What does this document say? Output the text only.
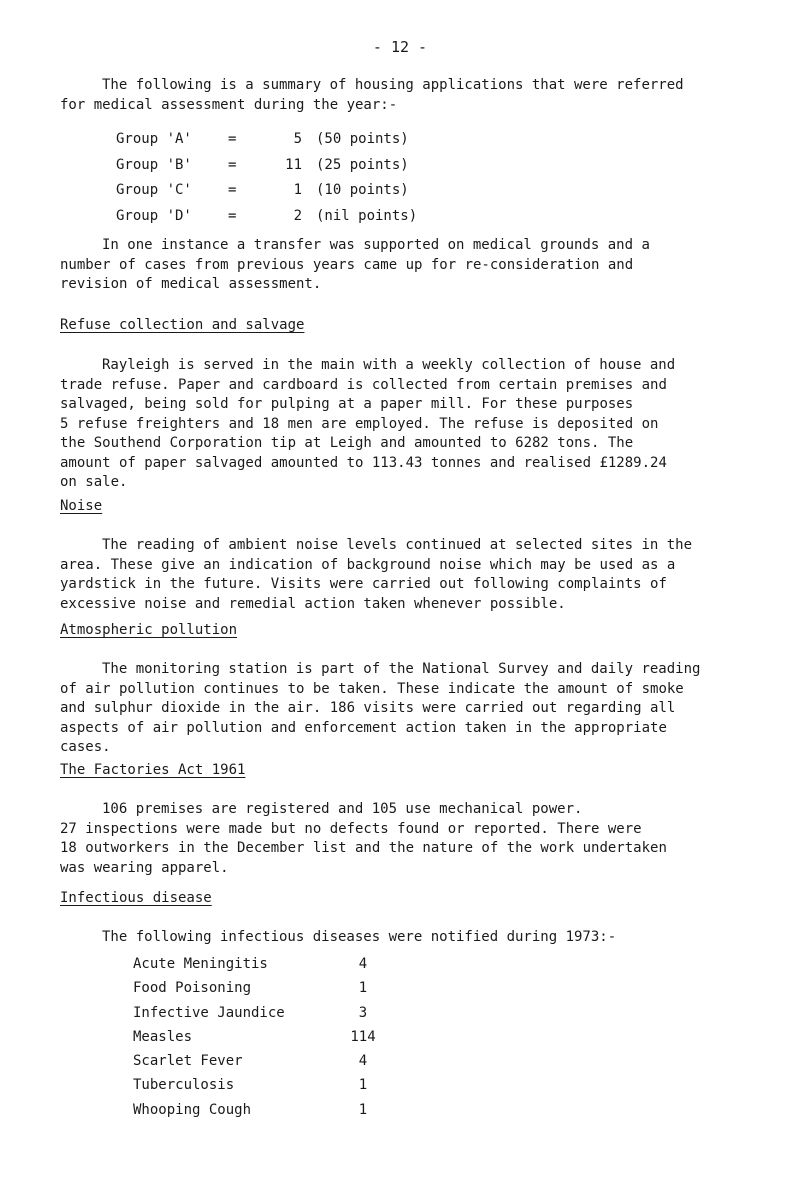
- 12 -
The following is a summary of housing applications that were referred
for medical assessment during the year:-
Group 'A'	=	5 (50 points)
Group 'B'	=	11 (25 points)
Group 'C'	=	1 (10 points)
Group 'D'	=	2 (nil points)
In one instance a transfer was supported on medical grounds and a
number of cases from previous years came up for re-consideration and
revision of medical assessment.
Refuse collection and salvage
Rayleigh is served in the main with a weekly collection of house and
trade refuse. Paper and cardboard is collected from certain premises and
salvaged, being sold for pulping at a paper mill. For these purposes
5 refuse freighters and 18 men are employed. The refuse is deposited on
the Southend Corporation tip at Leigh and amounted to 6282 tons. The
amount of paper salvaged amounted to 113.43 tonnes and realised £1289.24
on sale.
Noise
The reading of ambient noise levels continued at selected sites in the
area. These give an indication of background noise which may be used as a
yardstick in the future. Visits were carried out following complaints of
excessive noise and remedial action taken whenever possible.
Atmospheric pollution
The monitoring station is part of the National Survey and daily reading
of air pollution continues to be taken. These indicate the amount of smoke
and sulphur dioxide in the air. 186 visits were carried out regarding all
aspects of air pollution and enforcement action taken in the appropriate
cases.
The Factories Act 1961
106 premises are registered and 105 use mechanical power.
27 inspections were made but no defects found or reported. There were
18 outworkers in the December list and the nature of the work undertaken
was wearing apparel.
Infectious disease
The following infectious diseases were notified during 1973:-
Acute Meningitis	4
Food Poisoning	1
Infective Jaundice	3
Measles	114
Scarlet Fever	4
Tuberculosis	1
Whooping Cough	1
